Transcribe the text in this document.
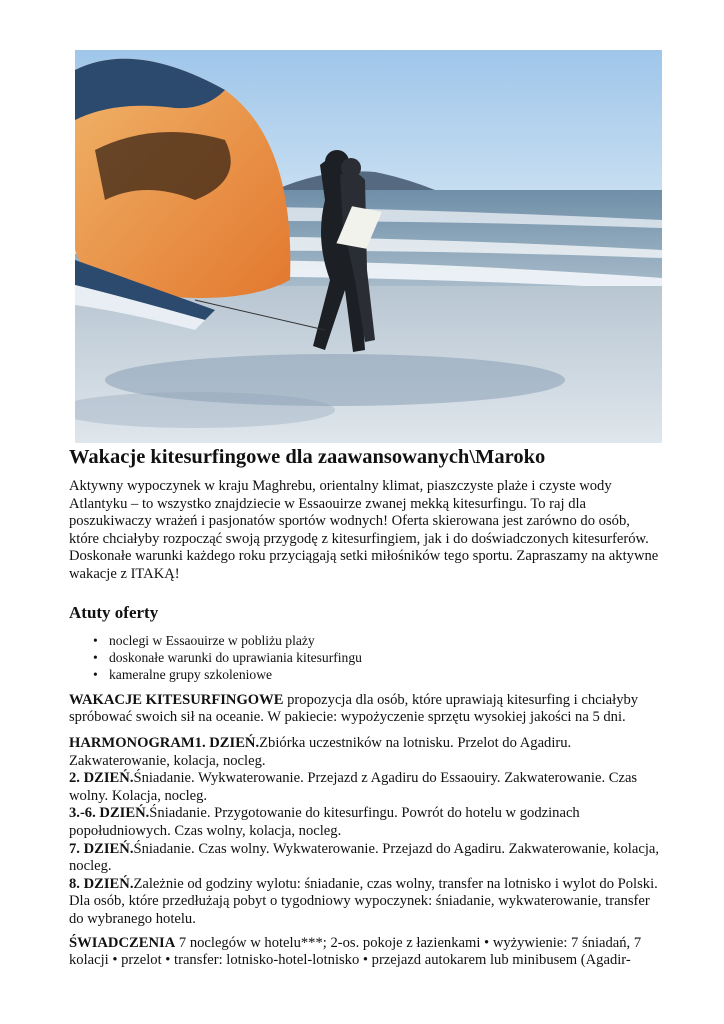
Wakacje kitesurfingowe dla zaawansowanych\Maroko

Aktywny wypoczynek w kraju Maghrebu, orientalny klimat, piaszczyste plaże i czyste wody Atlantyku – to wszystko znajdziecie w Essaouirze zwanej mekką kitesurfingu. To raj dla poszukiwaczy wrażeń i pasjonatów sportów wodnych! Oferta skierowana jest zarówno do osób, które chciałyby rozpocząć swoją przygodę z kitesurfingiem, jak i do doświadczonych kitesurferów. Doskonałe warunki każdego roku przyciągają setki miłośników tego sportu. Zapraszamy na aktywne wakacje z ITAKĄ!

Atuty oferty
• noclegi w Essaouirze w pobliżu plaży
• doskonałe warunki do uprawiania kitesurfingu
• kameralne grupy szkoleniowe

WAKACJE KITESURFINGOWE propozycja dla osób, które uprawiają kitesurfing i chciałyby spróbować swoich sił na oceanie. W pakiecie: wypożyczenie sprzętu wysokiej jakości na 5 dni.

HARMONOGRAM1. DZIEŃ.Zbiórka uczestników na lotnisku. Przelot do Agadiru. Zakwaterowanie, kolacja, nocleg.

2. DZIEŃ.Śniadanie. Wykwaterowanie. Przejazd z Agadiru do Essaouiry. Zakwaterowanie. Czas wolny. Kolacja, nocleg.

3.-6. DZIEŃ.Śniadanie. Przygotowanie do kitesurfingu. Powrót do hotelu w godzinach popołudniowych. Czas wolny, kolacja, nocleg.

7. DZIEŃ.Śniadanie. Czas wolny. Wykwaterowanie. Przejazd do Agadiru. Zakwaterowanie, kolacja, nocleg.

8. DZIEŃ.Zależnie od godziny wylotu: śniadanie, czas wolny, transfer na lotnisko i wylot do Polski. Dla osób, które przedłużają pobyt o tygodniowy wypoczynek: śniadanie, wykwaterowanie, transfer do wybranego hotelu.

ŚWIADCZENIA 7 noclegów w hotelu***; 2-os. pokoje z łazienkami • wyżywienie: 7 śniadań, 7 kolacji • przelot • transfer: lotnisko-hotel-lotnisko • przejazd autokarem lub minibusem (Agadir-
